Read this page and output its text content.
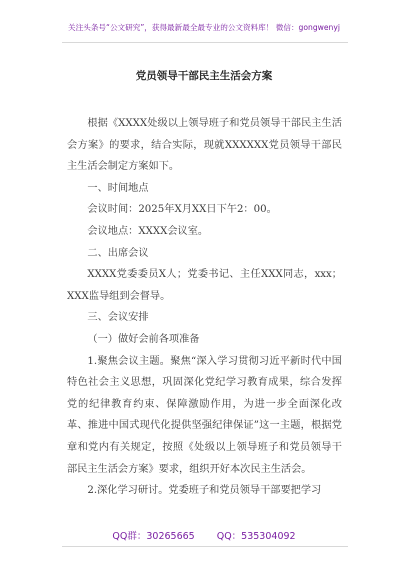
关注头条号“公文研究”，获得最新最全最专业的公文资料库！ 微信：gongwenyj
党员领导干部民主生活会方案

根据《XXXX处级以上领导班子和党员领导干部民主生活会方案》的要求，结合实际，现就XXXXXX党员领导干部民主生活会制定方案如下。

一、时间地点

会议时间：2025年X月XX日下午2：00。

会议地点：XXXX会议室。

二、出席会议

XXXX党委委员X人；党委书记、主任XXX同志，xxx；XXX监导组到会督导。

三、会议安排

（一）做好会前各项准备

1.聚焦会议主题。聚焦“深入学习贯彻习近平新时代中国特色社会主义思想，巩固深化党纪学习教育成果，综合发挥党的纪律教育约束、保障激励作用，为进一步全面深化改革、推进中国式现代化提供坚强纪律保证”这一主题，根据党章和党内有关规定，按照《处级以上领导班子和党员领导干部民主生活会方案》要求，组织开好本次民主生活会。

2.深化学习研讨。党委班子和党员领导干部要把学习

QQ群：30265665 QQ：535304092
